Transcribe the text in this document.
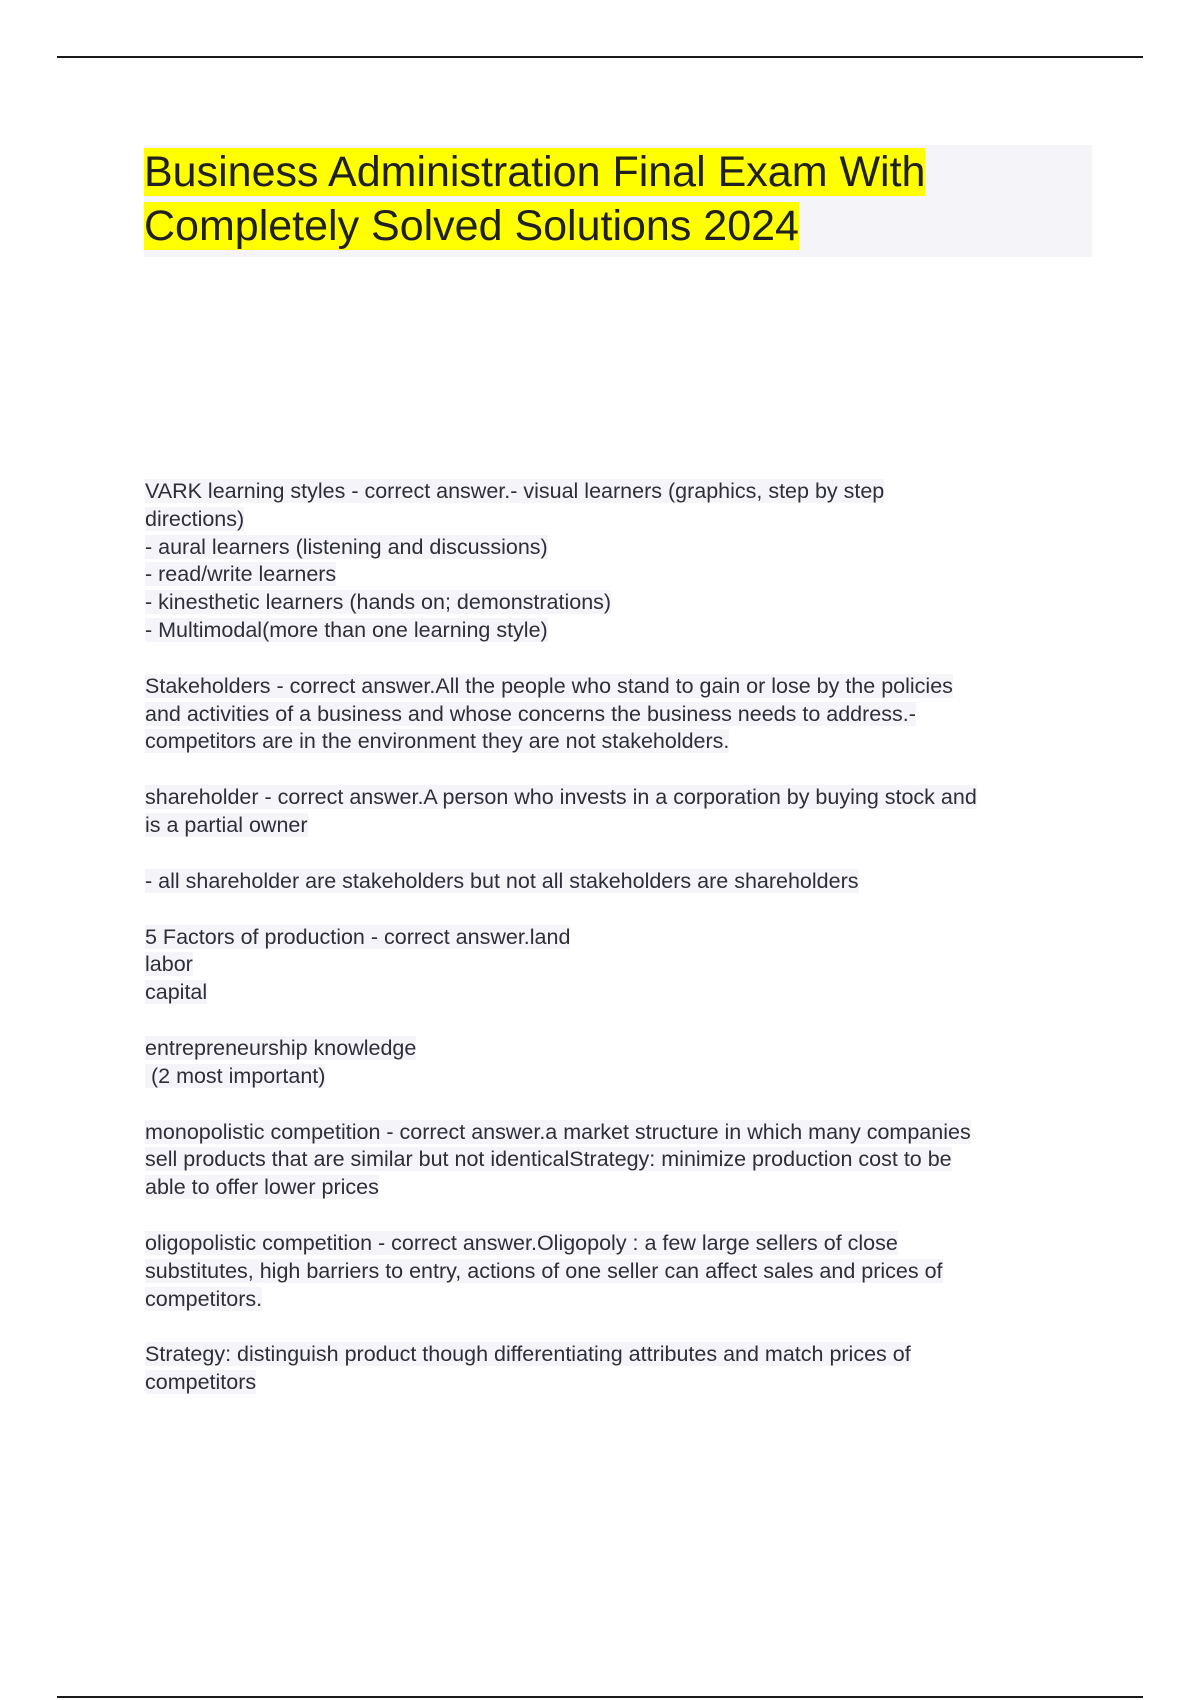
Business Administration Final Exam With
Completely Solved Solutions 2024
VARK learning styles - correct answer.- visual learners (graphics, step by step
directions)
- aural learners (listening and discussions)
- read/write learners
- kinesthetic learners (hands on; demonstrations)
- Multimodal(more than one learning style)
Stakeholders - correct answer.All the people who stand to gain or lose by the policies
and activities of a business and whose concerns the business needs to address.-
competitors are in the environment they are not stakeholders.
shareholder - correct answer.A person who invests in a corporation by buying stock and
is a partial owner
- all shareholder are stakeholders but not all stakeholders are shareholders
5 Factors of production - correct answer.land
labor
capital
entrepreneurship knowledge
(2 most important)
monopolistic competition - correct answer.a market structure in which many companies
sell products that are similar but not identicalStrategy: minimize production cost to be
able to offer lower prices
oligopolistic competition - correct answer.Oligopoly : a few large sellers of close
substitutes, high barriers to entry, actions of one seller can affect sales and prices of
competitors.
Strategy: distinguish product though differentiating attributes and match prices of
competitors
